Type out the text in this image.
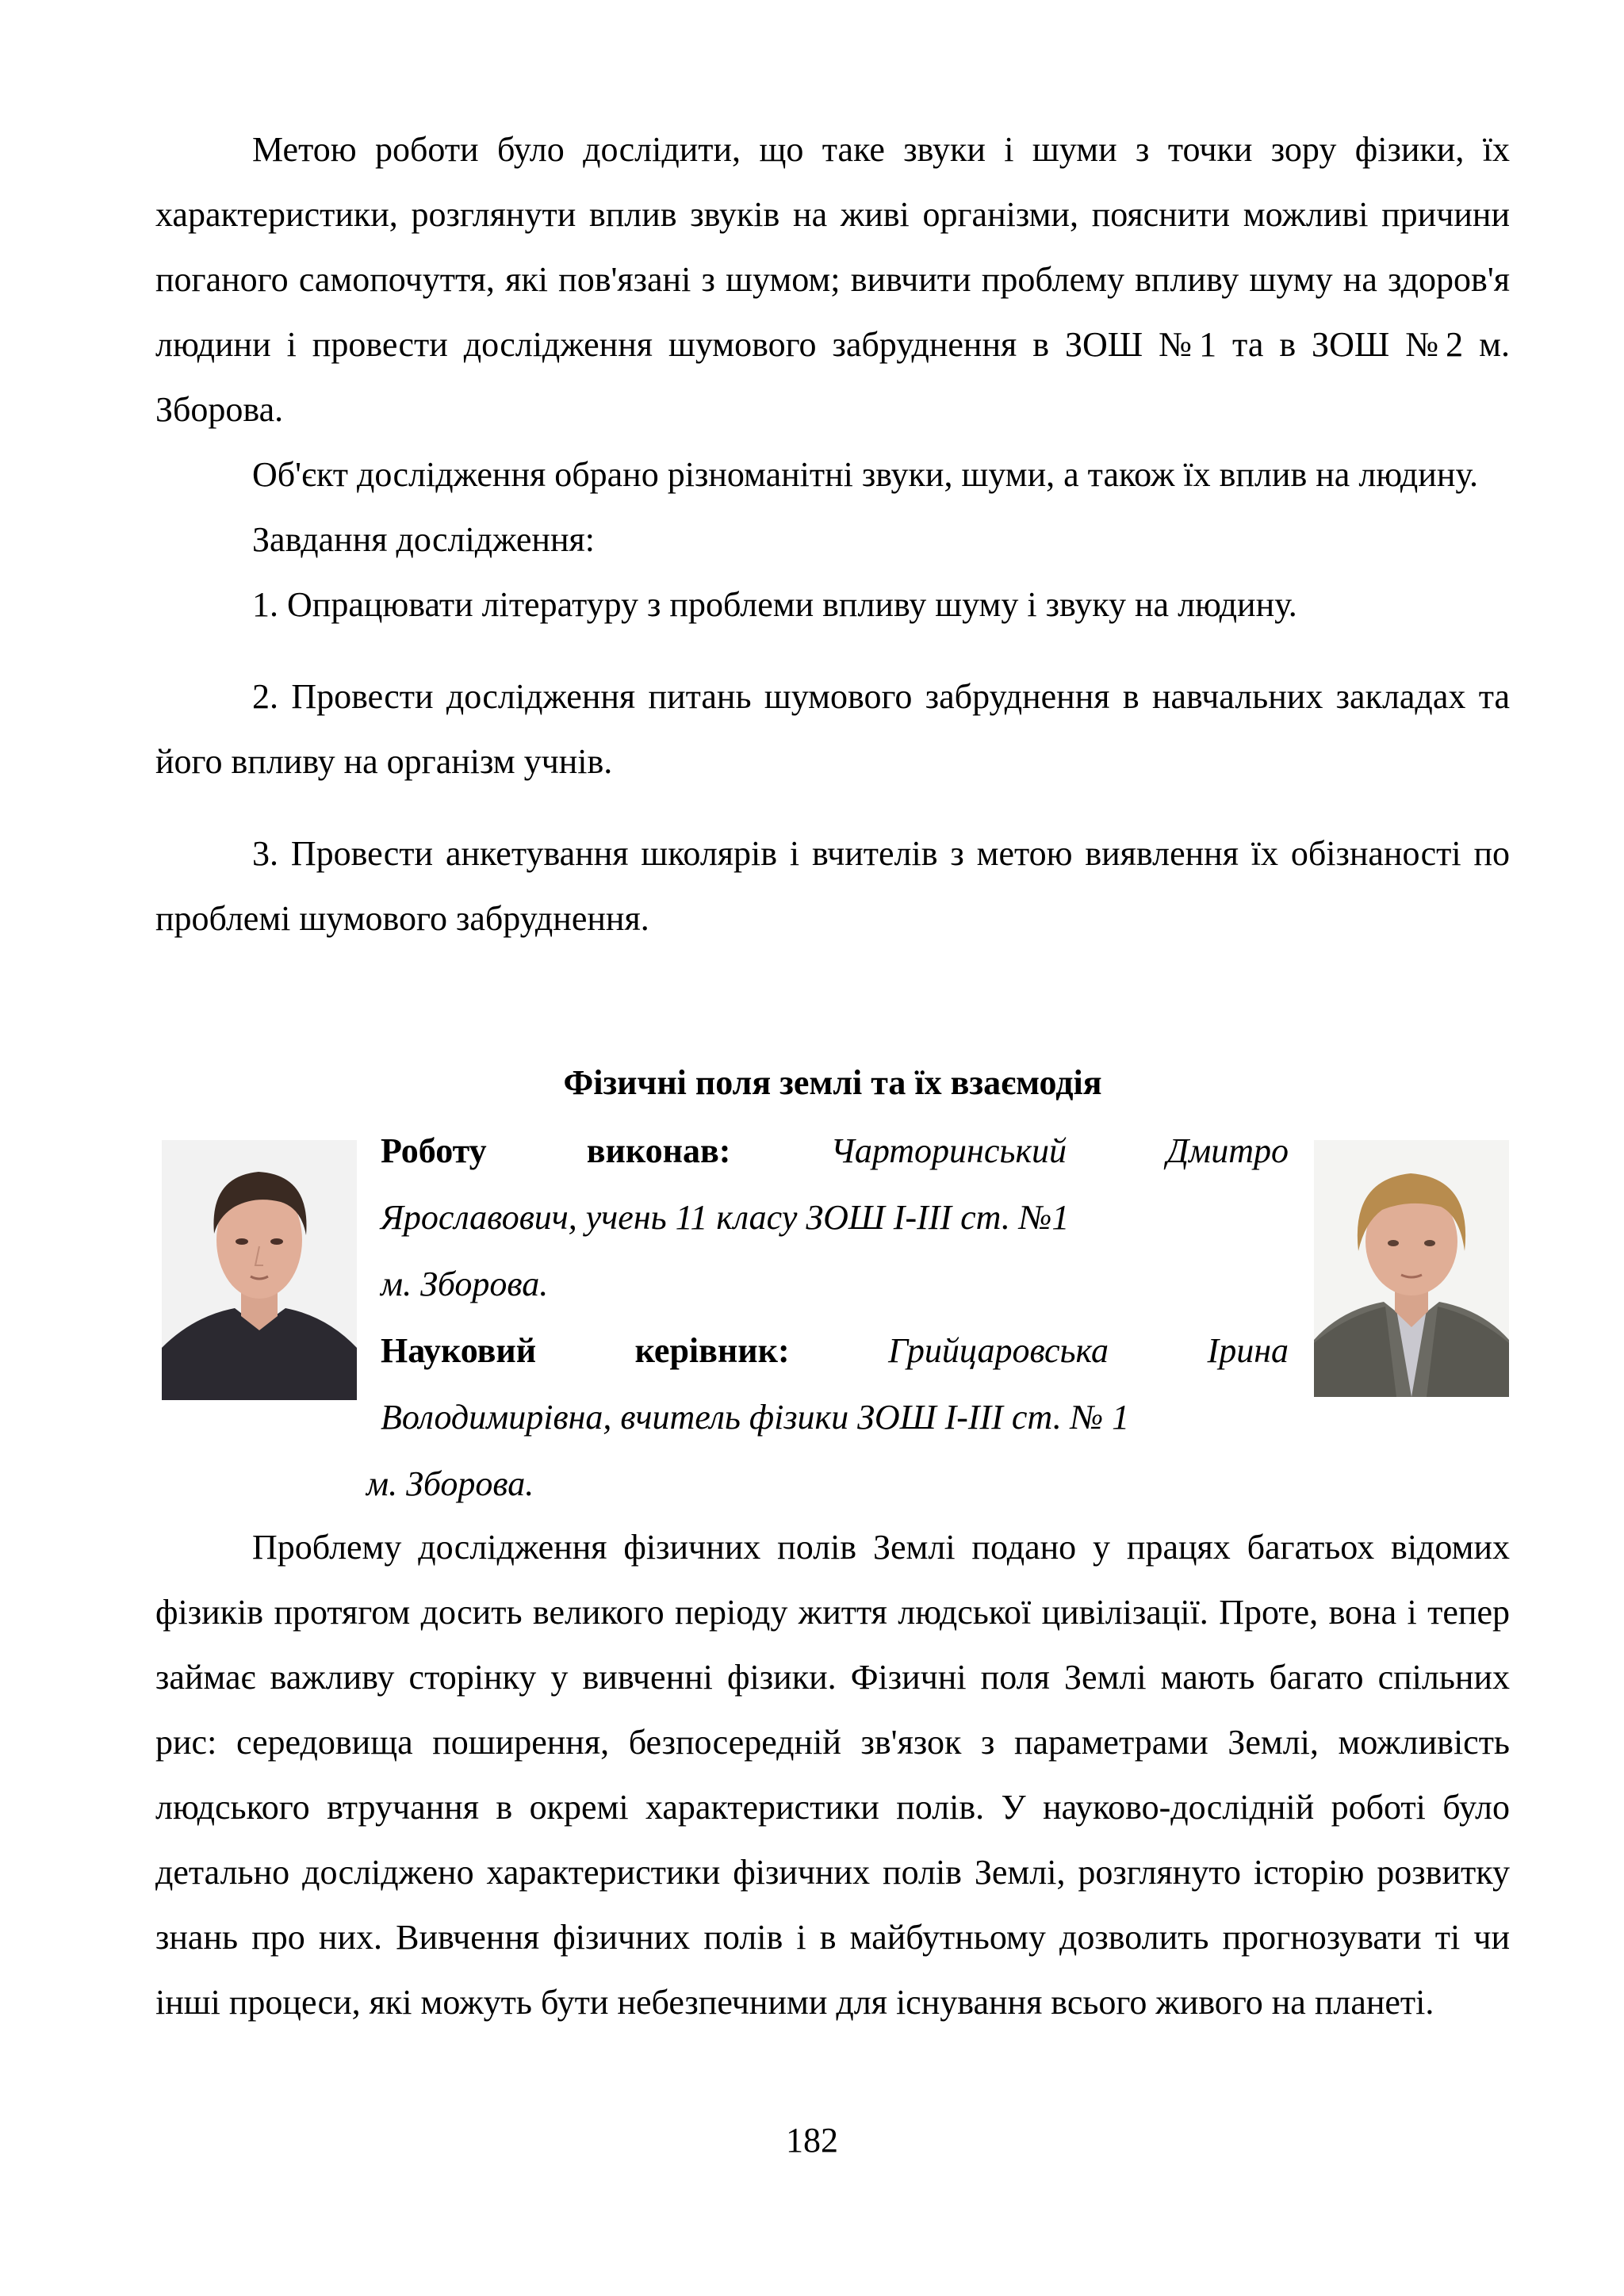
Метою роботи було дослідити, що таке звуки і шуми з точки зору фізики, їх характеристики, розглянути вплив звуків на живі організми, пояснити можливі причини поганого самопочуття, які пов'язані з шумом; вивчити проблему впливу шуму на здоров'я людини і провести дослідження шумового забруднення в ЗОШ №1 та в ЗОШ №2 м. Зборова.

Об'єкт дослідження обрано різноманітні звуки, шуми, а також їх вплив на людину.

Завдання дослідження:

1. Опрацювати літературу з проблеми впливу шуму і звуку на людину.

2. Провести дослідження питань шумового забруднення в навчальних закладах та його впливу на організм учнів.

3. Провести анкетування школярів і вчителів з метою виявлення їх обізнаності по проблемі шумового забруднення.

Фізичні поля землі та їх взаємодія

Роботу виконав:	Чарторинський	Дмитро

Ярославович, учень 11 класу ЗОШ І-ІІІ ст. №1

м. Зборова.

Науковий	керівник:	Грийцаровська	Ірина

Володимирівна, вчитель фізики ЗОШ І-ІІІ ст. № 1

м. Зборова.

Проблему дослідження фізичних полів Землі подано у працях багатьох відомих фізиків протягом досить великого періоду життя людської цивілізації. Проте, вона і тепер займає важливу сторінку у вивченні фізики. Фізичні поля Землі мають багато спільних рис: середовища поширення, безпосередній зв'язок з параметрами Землі, можливість людського втручання в окремі характеристики полів. У науково-дослідній роботі було детально досліджено характеристики фізичних полів Землі, розглянуто історію розвитку знань про них. Вивчення фізичних полів і в майбутньому дозволить прогнозувати ті чи інші процеси, які можуть бути небезпечними для існування всього живого на планеті.

182
